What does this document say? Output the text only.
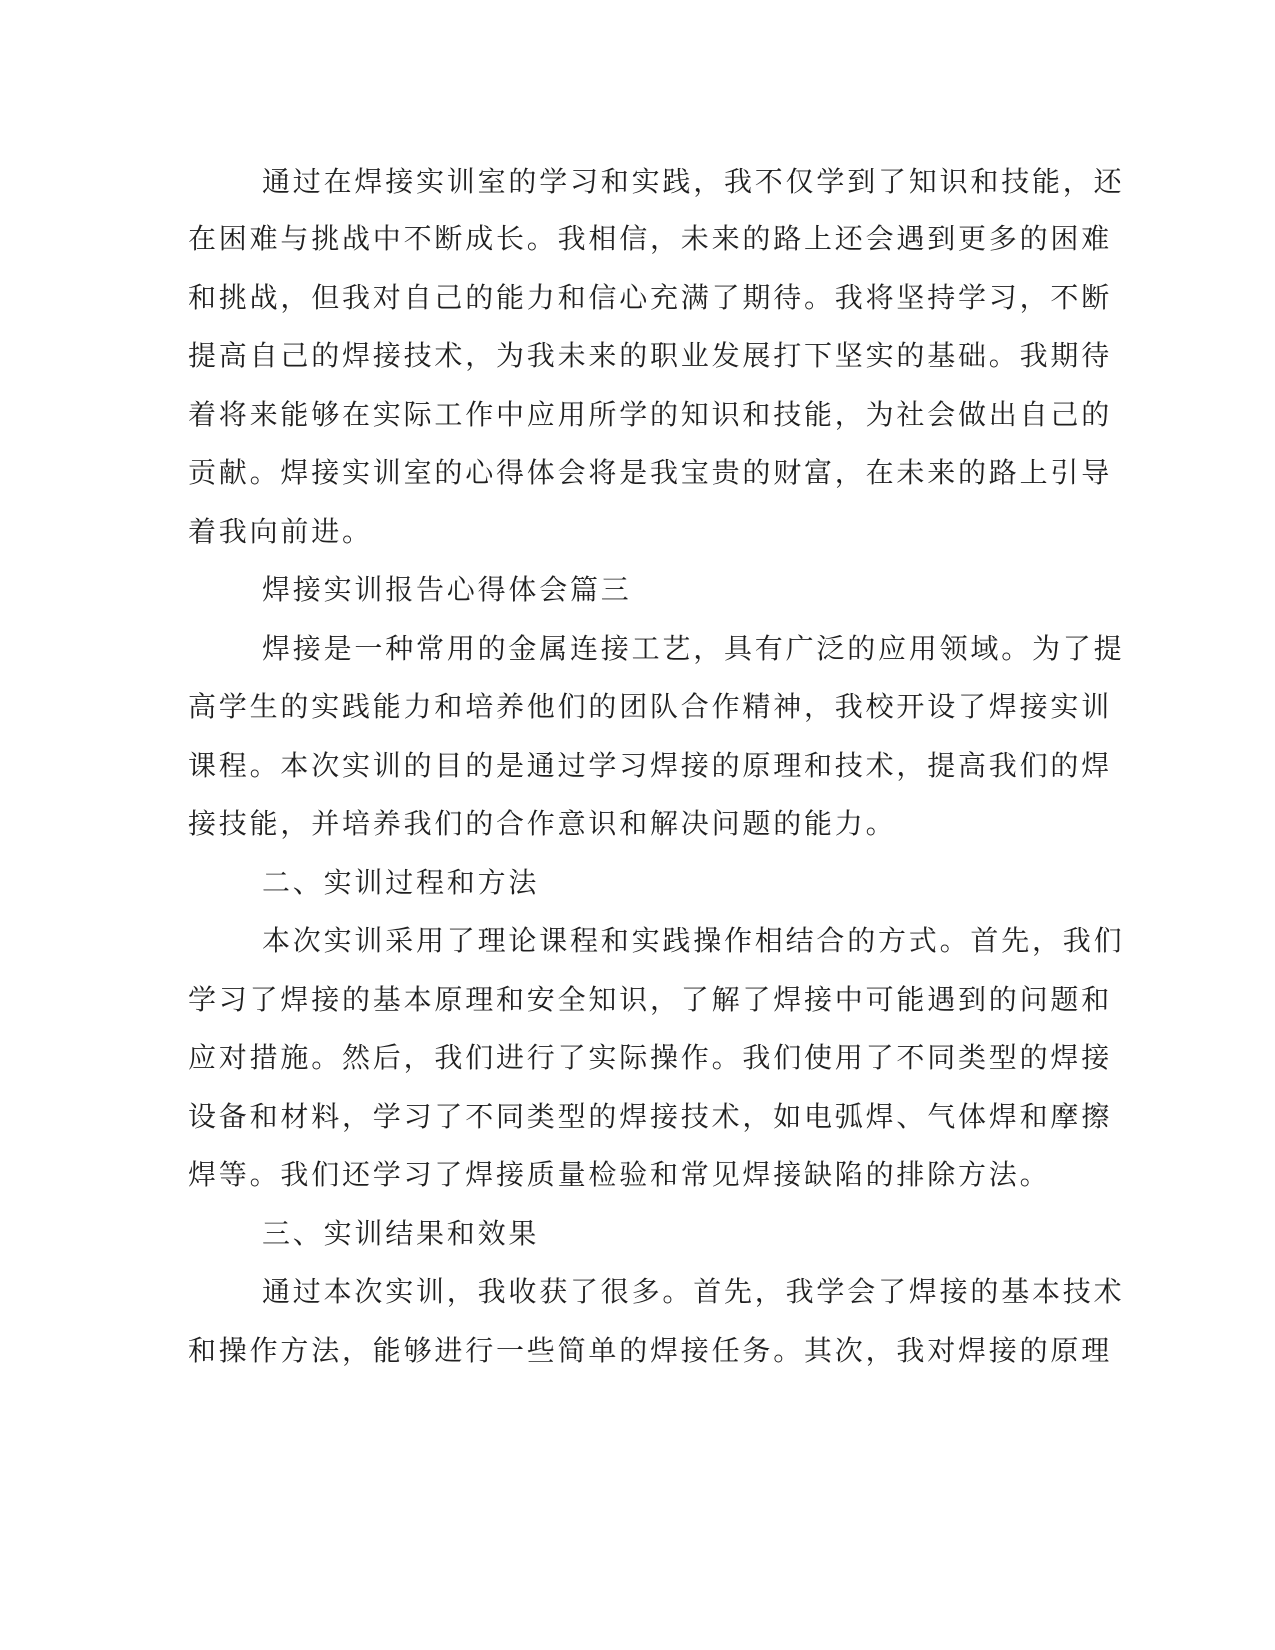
通过在焊接实训室的学习和实践，我不仅学到了知识和技能，还
在困难与挑战中不断成长。我相信，未来的路上还会遇到更多的困难
和挑战，但我对自己的能力和信心充满了期待。我将坚持学习，不断
提高自己的焊接技术，为我未来的职业发展打下坚实的基础。我期待
着将来能够在实际工作中应用所学的知识和技能，为社会做出自己的
贡献。焊接实训室的心得体会将是我宝贵的财富，在未来的路上引导
着我向前进。
焊接实训报告心得体会篇三
焊接是一种常用的金属连接工艺，具有广泛的应用领域。为了提
高学生的实践能力和培养他们的团队合作精神，我校开设了焊接实训
课程。本次实训的目的是通过学习焊接的原理和技术，提高我们的焊
接技能，并培养我们的合作意识和解决问题的能力。
二、实训过程和方法
本次实训采用了理论课程和实践操作相结合的方式。首先，我们
学习了焊接的基本原理和安全知识，了解了焊接中可能遇到的问题和
应对措施。然后，我们进行了实际操作。我们使用了不同类型的焊接
设备和材料，学习了不同类型的焊接技术，如电弧焊、气体焊和摩擦
焊等。我们还学习了焊接质量检验和常见焊接缺陷的排除方法。
三、实训结果和效果
通过本次实训，我收获了很多。首先，我学会了焊接的基本技术
和操作方法，能够进行一些简单的焊接任务。其次，我对焊接的原理
